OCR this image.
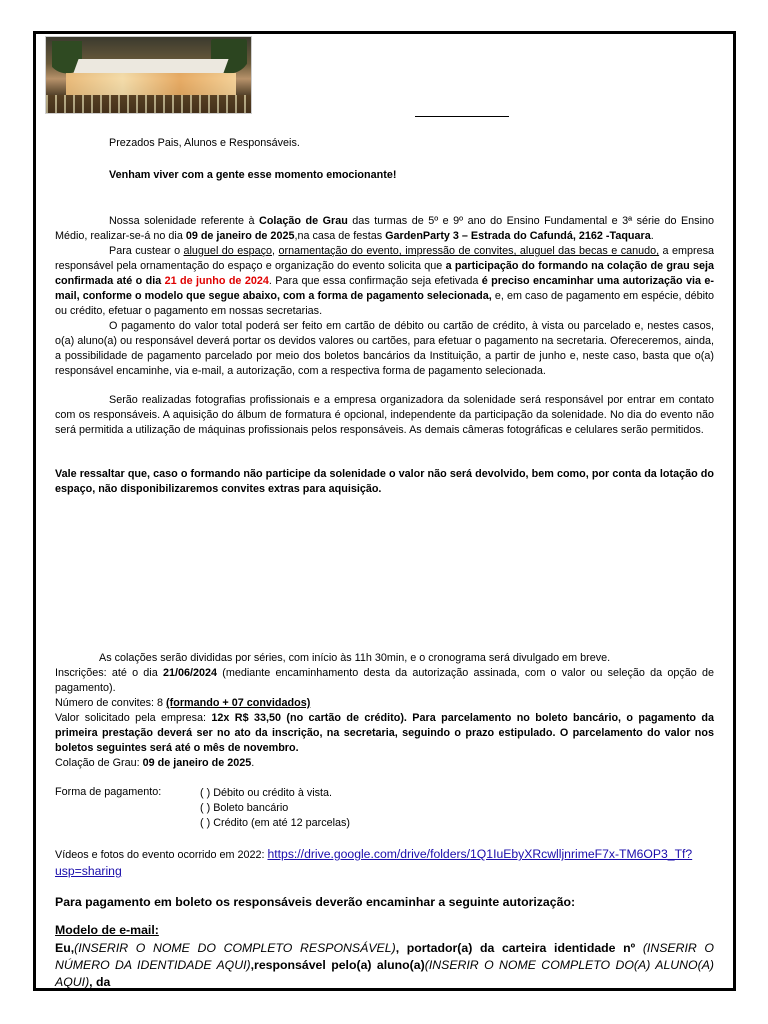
Prezados Pais, Alunos e Responsáveis.

Venham viver com a gente esse momento emocionante!

Nossa solenidade referente à Colação de Grau das turmas de 5º e 9º ano do Ensino Fundamental e 3ª série do Ensino Médio, realizar-se-á no dia 09 de janeiro de 2025,na casa de festas GardenParty 3 – Estrada do Cafundá, 2162 -Taquara.
Para custear o aluguel do espaço, ornamentação do evento, impressão de convites, aluguel das becas e canudo, a empresa responsável pela ornamentação do espaço e organização do evento solicita que a participação do formando na colação de grau seja confirmada até o dia 21 de junho de 2024. Para que essa confirmação seja efetivada é preciso encaminhar uma autorização via e-mail, conforme o modelo que segue abaixo, com a forma de pagamento selecionada, e, em caso de pagamento em espécie, débito ou crédito, efetuar o pagamento em nossas secretarias.

O pagamento do valor total poderá ser feito em cartão de débito ou cartão de crédito, à vista ou parcelado e, nestes casos, o(a) aluno(a) ou responsável deverá portar os devidos valores ou cartões, para efetuar o pagamento na secretaria. Ofereceremos, ainda, a possibilidade de pagamento parcelado por meio dos boletos bancários da Instituição, a partir de junho e, neste caso, basta que o(a) responsável encaminhe, via e-mail, a autorização, com a respectiva forma de pagamento selecionada.

Serão realizadas fotografias profissionais e a empresa organizadora da solenidade será responsável por entrar em contato com os responsáveis. A aquisição do álbum de formatura é opcional, independente da participação da solenidade. No dia do evento não será permitida a utilização de máquinas profissionais pelos responsáveis. As demais câmeras fotográficas e celulares serão permitidos.

Vale ressaltar que, caso o formando não participe da solenidade o valor não será devolvido, bem como, por conta da lotação do espaço, não disponibilizaremos convites extras para aquisição.

As colações serão divididas por séries, com início às 11h 30min, e o cronograma será divulgado em breve.

Inscrições: até o dia 21/06/2024 (mediante encaminhamento desta da autorização assinada, com o valor ou seleção da opção de pagamento).

Número de convites: 8 (formando + 07 convidados)

Valor solicitado pela empresa: 12x R$ 33,50 (no cartão de crédito). Para parcelamento no boleto bancário, o pagamento da primeira prestação deverá ser no ato da inscrição, na secretaria, seguindo o prazo estipulado. O parcelamento do valor nos boletos seguintes será até o mês de novembro.

Colação de Grau: 09 de janeiro de 2025.

Forma de pagamento:	( ) Débito ou crédito à vista.
( ) Boleto bancário
( ) Crédito (em até 12 parcelas)

Vídeos e fotos do evento ocorrido em 2022: https://drive.google.com/drive/folders/1Q1IuEbyXRcwlljnrimeF7x-TM6OP3_Tf?usp=sharing

Para pagamento em boleto os responsáveis deverão encaminhar a seguinte autorização:

Modelo de e-mail:

Eu,(INSERIR O NOME DO COMPLETO RESPONSÁVEL), portador(a) da carteira identidade nº (INSERIR O NÚMERO DA IDENTIDADE AQUI),responsável pelo(a) aluno(a)(INSERIR O NOME COMPLETO DO(A) ALUNO(A) AQUI), da
